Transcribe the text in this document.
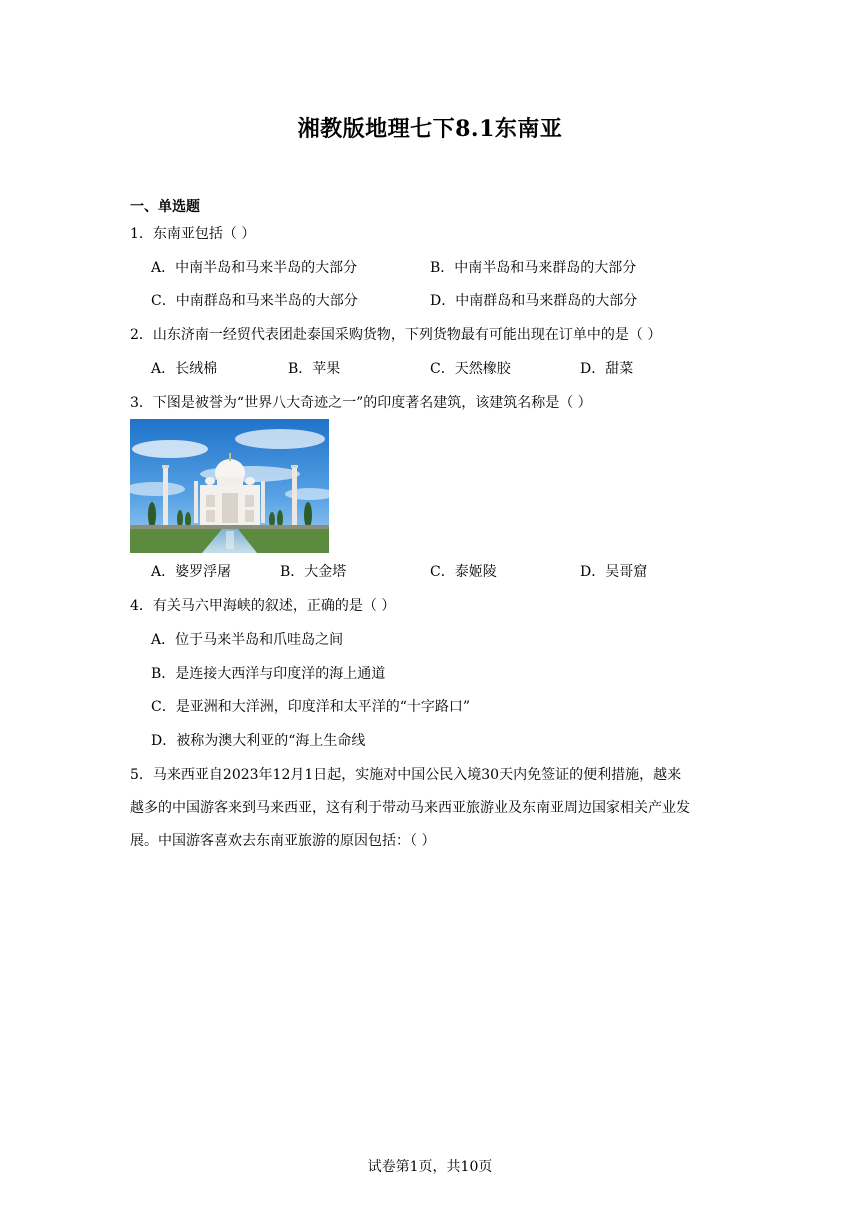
湘教版地理七下8.1东南亚
一、单选题
1．东南亚包括（ ）
A．中南半岛和马来半岛的大部分	B．中南半岛和马来群岛的大部分
C．中南群岛和马来半岛的大部分	D．中南群岛和马来群岛的大部分
2．山东济南一经贸代表团赴泰国采购货物，下列货物最有可能出现在订单中的是（ ）
A．长绒棉	B．苹果	C．天然橡胶	D．甜菜
3．下图是被誉为“世界八大奇迹之一”的印度著名建筑，该建筑名称是（ ）
A．婆罗浮屠	B．大金塔	C．泰姬陵	D．吴哥窟
4．有关马六甲海峡的叙述，正确的是（ ）
A．位于马来半岛和爪哇岛之间
B．是连接大西洋与印度洋的海上通道
C．是亚洲和大洋洲，印度洋和太平洋的“十字路口”
D．被称为澳大利亚的“海上生命线
5．马来西亚自2023年12月1日起，实施对中国公民入境30天内免签证的便利措施，越来
越多的中国游客来到马来西亚，这有利于带动马来西亚旅游业及东南亚周边国家相关产业发
展。中国游客喜欢去东南亚旅游的原因包括：（ ）
试卷第1页，共10页
